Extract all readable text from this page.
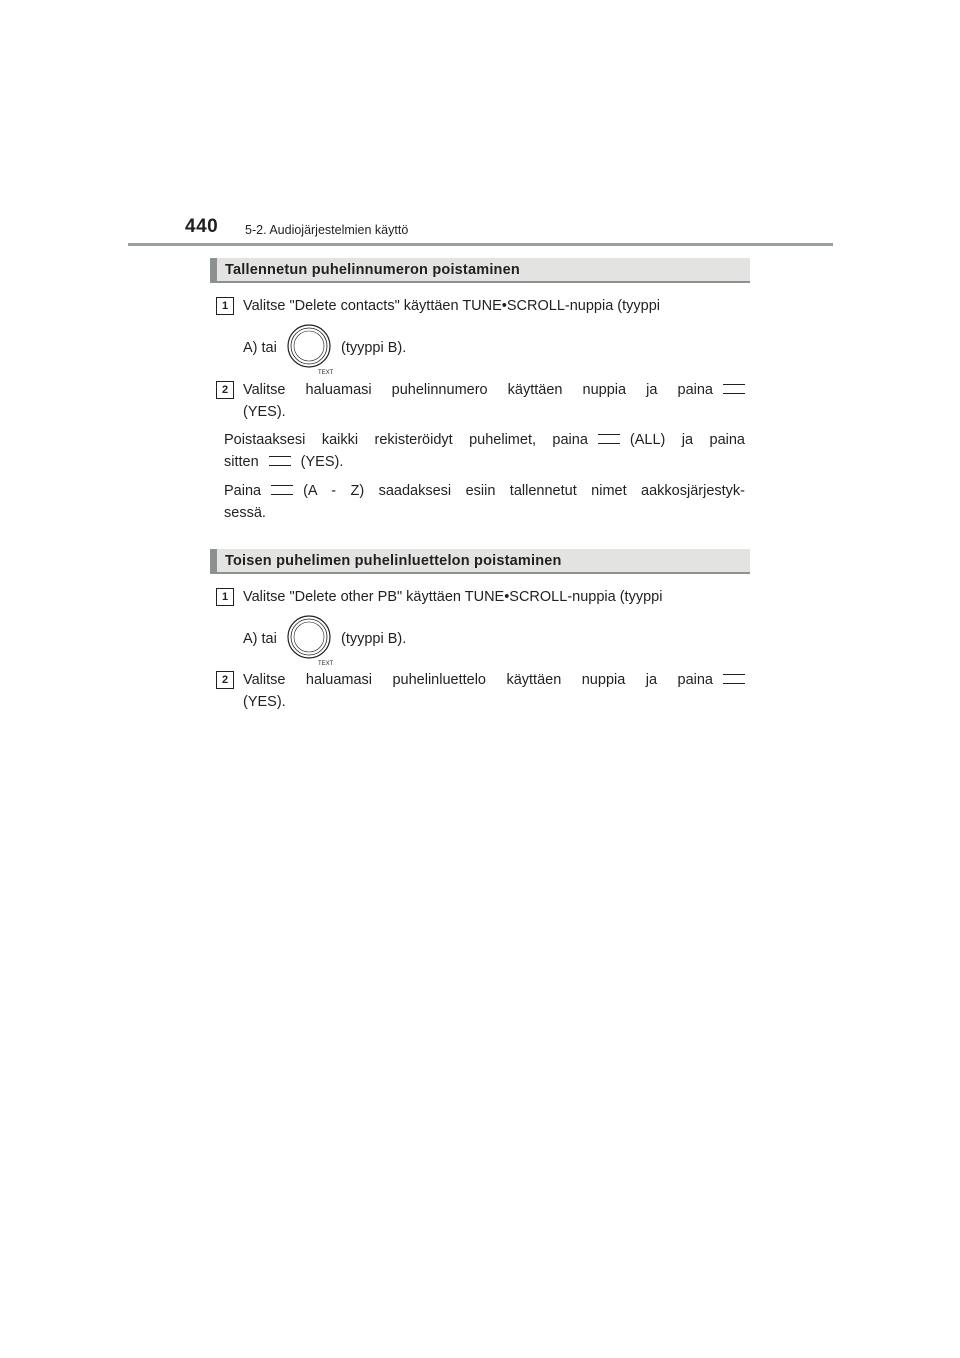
440 5-2. Audiojärjestelmien käyttö
Tallennetun puhelinnumeron poistaminen
1	Valitse "Delete contacts" käyttäen TUNE•SCROLL-nuppia (tyyppi
A) tai
TEXT
(tyyppi B).
2	Valitse haluamasi puhelinnumero käyttäen nuppia ja paina
(YES).
Poistaaksesi kaikki rekisteröidyt puhelimet, paina	(ALL) ja paina
sitten	(YES).
Paina	(A - Z) saadaksesi esiin tallennetut nimet aakkosjärjestyk-
sessä.
Toisen puhelimen puhelinluettelon poistaminen
1	Valitse "Delete other PB" käyttäen TUNE•SCROLL-nuppia (tyyppi
A) tai
TEXT
(tyyppi B).
2	Valitse haluamasi puhelinluettelo käyttäen nuppia ja paina
(YES).
